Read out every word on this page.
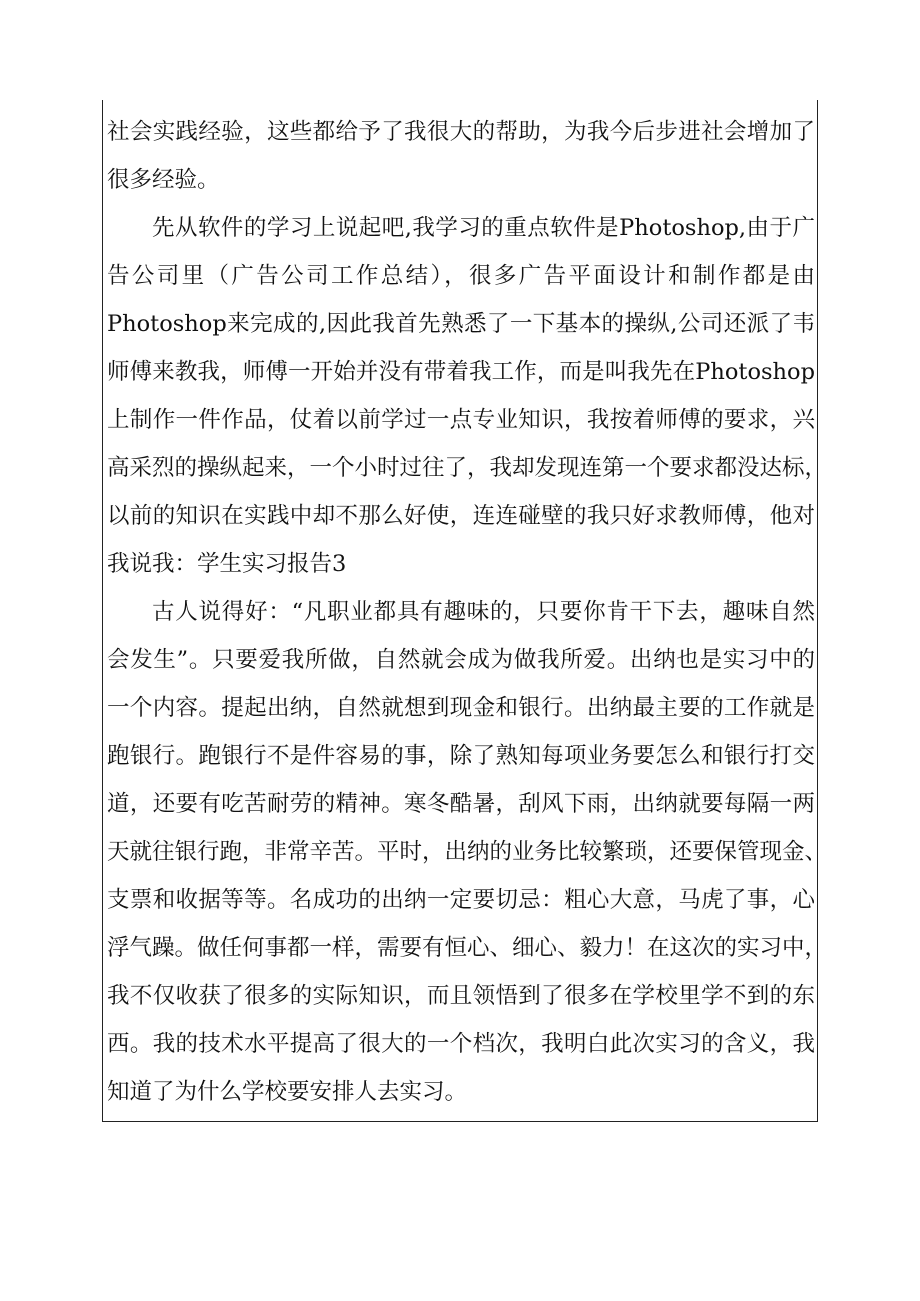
社会实践经验，这些都给予了我很大的帮助，为我今后步进社会增加了
很多经验。
先从软件的学习上说起吧,我学习的重点软件是Photoshop,由于广
告公司里（广告公司工作总结），很多广告平面设计和制作都是由
Photoshop来完成的,因此我首先熟悉了一下基本的操纵,公司还派了韦
师傅来教我，师傅一开始并没有带着我工作，而是叫我先在Photoshop
上制作一件作品，仗着以前学过一点专业知识，我按着师傅的要求，兴
高采烈的操纵起来，一个小时过往了，我却发现连第一个要求都没达标，
以前的知识在实践中却不那么好使，连连碰壁的我只好求教师傅，他对
我说我：学生实习报告3
古人说得好：“凡职业都具有趣味的，只要你肯干下去，趣味自然
会发生”。只要爱我所做，自然就会成为做我所爱。出纳也是实习中的
一个内容。提起出纳，自然就想到现金和银行。出纳最主要的工作就是
跑银行。跑银行不是件容易的事，除了熟知每项业务要怎么和银行打交
道，还要有吃苦耐劳的精神。寒冬酷暑，刮风下雨，出纳就要每隔一两
天就往银行跑，非常辛苦。平时，出纳的业务比较繁琐，还要保管现金、
支票和收据等等。名成功的出纳一定要切忌：粗心大意，马虎了事，心
浮气躁。做任何事都一样，需要有恒心、细心、毅力！在这次的实习中，
我不仅收获了很多的实际知识，而且领悟到了很多在学校里学不到的东
西。我的技术水平提高了很大的一个档次，我明白此次实习的含义，我
知道了为什么学校要安排人去实习。
